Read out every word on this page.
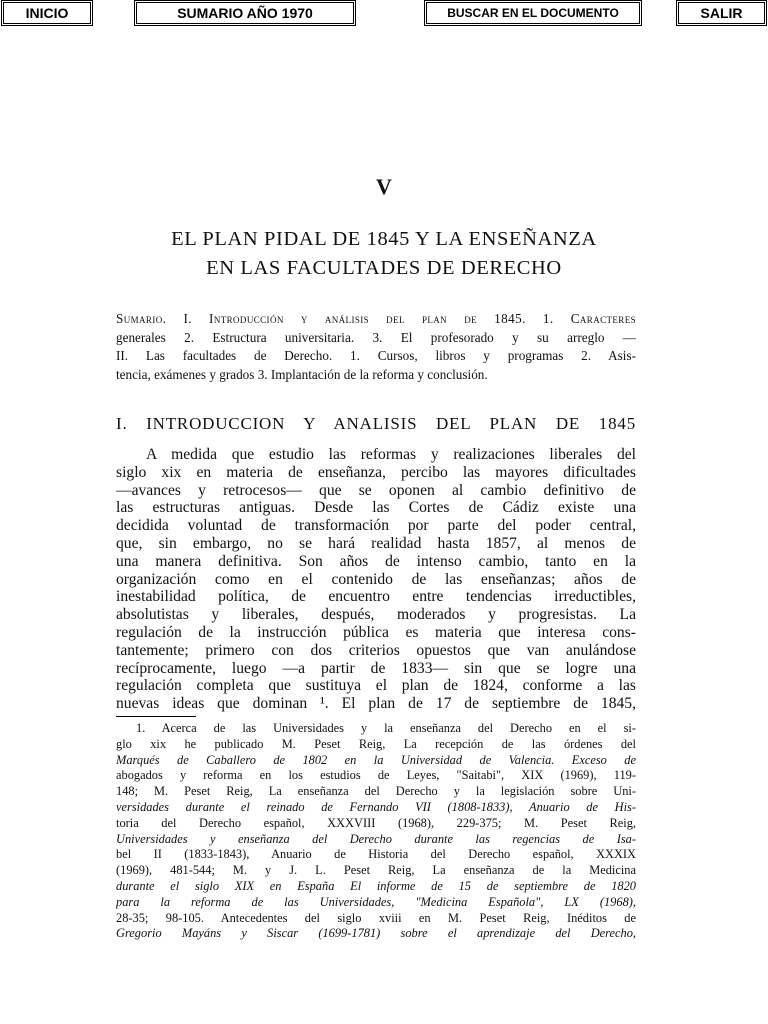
INICIO	SUMARIO AÑO 1970	BUSCAR EN EL DOCUMENTO	SALIR
V
EL PLAN PIDAL DE 1845 Y LA ENSEÑANZA
EN LAS FACULTADES DE DERECHO
Sumario. I. Introducción y análisis del plan de 1845. 1. Caracteres
generales 2. Estructura universitaria. 3. El profesorado y su arreglo —
II. Las facultades de Derecho. 1. Cursos, libros y programas 2. Asis-
tencia, exámenes y grados 3. Implantación de la reforma y conclusión.
I. INTRODUCCION Y ANALISIS DEL PLAN DE 1845
A medida que estudio las reformas y realizaciones liberales del
siglo xix en materia de enseñanza, percibo las mayores dificultades
—avances y retrocesos— que se oponen al cambio definitivo de
las estructuras antiguas. Desde las Cortes de Cádiz existe una
decidida voluntad de transformación por parte del poder central,
que, sin embargo, no se hará realidad hasta 1857, al menos de
una manera definitiva. Son años de intenso cambio, tanto en la
organización como en el contenido de las enseñanzas; años de
inestabilidad política, de encuentro entre tendencias irreductibles,
absolutistas y liberales, después, moderados y progresistas. La
regulación de la instrucción pública es materia que interesa cons-
tantemente; primero con dos criterios opuestos que van anulándose
recíprocamente, luego —a partir de 1833— sin que se logre una
regulación completa que sustituya el plan de 1824, conforme a las
nuevas ideas que dominan ¹. El plan de 17 de septiembre de 1845,
1. Acerca de las Universidades y la enseñanza del Derecho en el si-
glo xix he publicado M. Peset Reig, La recepción de las órdenes del
Marqués de Caballero de 1802 en la Universidad de Valencia. Exceso de
abogados y reforma en los estudios de Leyes, "Saitabi", XIX (1969), 119-
148; M. Peset Reig, La enseñanza del Derecho y la legislación sobre Uni-
versidades durante el reinado de Fernando VII (1808-1833), Anuario de His-
toria del Derecho español, XXXVIII (1968), 229-375; M. Peset Reig,
Universidades y enseñanza del Derecho durante las regencias de Isa-
bel II (1833-1843), Anuario de Historia del Derecho español, XXXIX
(1969), 481-544; M. y J. L. Peset Reig, La enseñanza de la Medicina
durante el siglo XIX en España El informe de 15 de septiembre de 1820
para la reforma de las Universidades, "Medicina Española", LX (1968),
28-35; 98-105. Antecedentes del siglo xviii en M. Peset Reig, Inéditos de
Gregorio Mayáns y Siscar (1699-1781) sobre el aprendizaje del Derecho,
